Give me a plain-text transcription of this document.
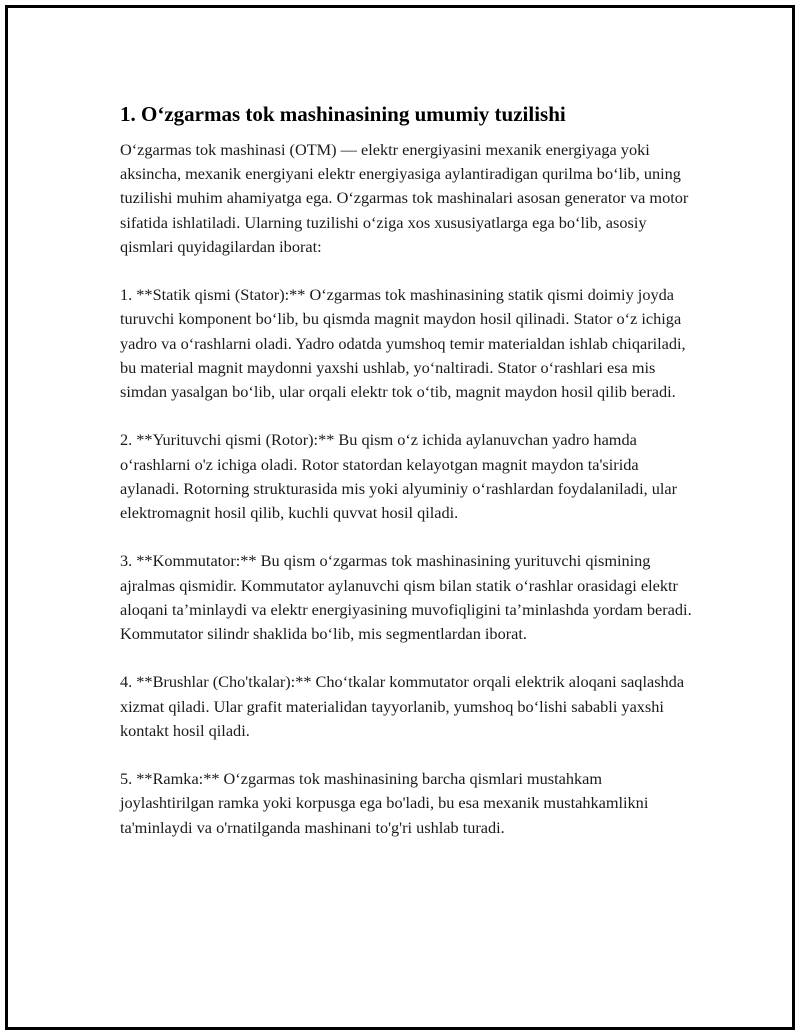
1. O‘zgarmas tok mashinasining umumiy tuzilishi

O‘zgarmas tok mashinasi (OTM) — elektr energiyasini mexanik energiyaga yoki aksincha, mexanik energiyani elektr energiyasiga aylantiradigan qurilma bo‘lib, uning tuzilishi muhim ahamiyatga ega. O‘zgarmas tok mashinalari asosan generator va motor sifatida ishlatiladi. Ularning tuzilishi o‘ziga xos xususiyatlarga ega bo‘lib, asosiy qismlari quyidagilardan iborat:

1. **Statik qismi (Stator):** O‘zgarmas tok mashinasining statik qismi doimiy joyda turuvchi komponent bo‘lib, bu qismda magnit maydon hosil qilinadi. Stator o‘z ichiga yadro va o‘rashlarni oladi. Yadro odatda yumshoq temir materialdan ishlab chiqariladi, bu material magnit maydonni yaxshi ushlab, yo‘naltiradi. Stator o‘rashlari esa mis simdan yasalgan bo‘lib, ular orqali elektr tok o‘tib, magnit maydon hosil qilib beradi.

2. **Yurituvchi qismi (Rotor):** Bu qism o‘z ichida aylanuvchan yadro hamda o‘rashlarni o'z ichiga oladi. Rotor statordan kelayotgan magnit maydon ta'sirida aylanadi. Rotorning strukturasida mis yoki alyuminiy o‘rashlardan foydalaniladi, ular elektromagnit hosil qilib, kuchli quvvat hosil qiladi.

3. **Kommutator:** Bu qism o‘zgarmas tok mashinasining yurituvchi qismining ajralmas qismidir. Kommutator aylanuvchi qism bilan statik o‘rashlar orasidagi elektr aloqani ta’minlaydi va elektr energiyasining muvofiqligini ta’minlashda yordam beradi. Kommutator silindr shaklida bo‘lib, mis segmentlardan iborat.

4. **Brushlar (Cho'tkalar):** Cho‘tkalar kommutator orqali elektrik aloqani saqlashda xizmat qiladi. Ular grafit materialidan tayyorlanib, yumshoq bo‘lishi sababli yaxshi kontakt hosil qiladi.

5. **Ramka:** O‘zgarmas tok mashinasining barcha qismlari mustahkam joylashtirilgan ramka yoki korpusga ega bo'ladi, bu esa mexanik mustahkamlikni ta'minlaydi va o'rnatilganda mashinani to'g'ri ushlab turadi.
